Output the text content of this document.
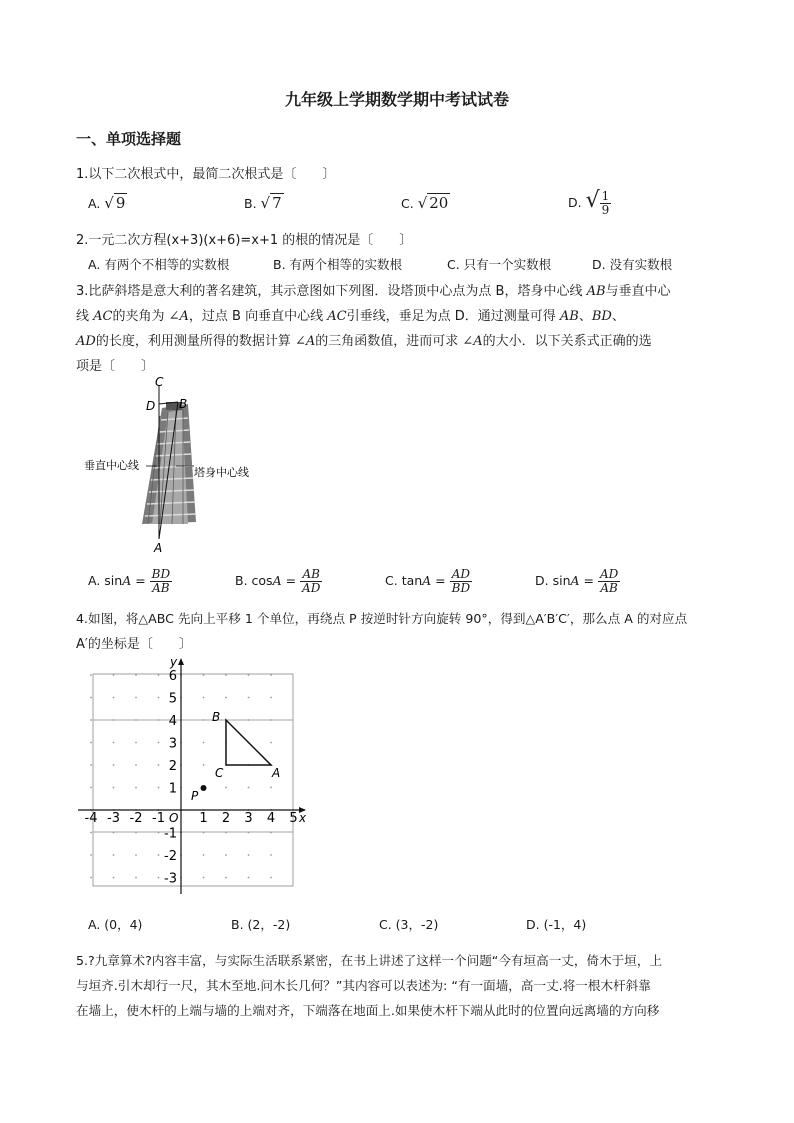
九年级上学期数学期中考试试卷
一、单项选择题
1.以下二次根式中，最简二次根式是〔　　〕
A. √ 9	B. √ 7	C. √ 20	D. √ $\frac{1}{9}$
2.一元二次方程(x+3)(x+6)=x+1 的根的情况是〔　　〕
A. 有两个不相等的实数根	B. 有两个相等的实数根	C. 只有一个实数根	D. 没有实数根
3.比萨斜塔是意大利的著名建筑，其示意图如下列图．设塔顶中心点为点 B，塔身中心线 AB与垂直中心
线 AC的夹角为 ∠A，过点 B 向垂直中心线 AC引垂线，垂足为点 D．通过测量可得 AB、BD、
AD的长度，利用测量所得的数据计算 ∠A的三角函数值，进而可求 ∠A的大小．以下关系式正确的选
项是〔　　〕
C
D B
A
垂直中心线
塔身中心线
A. $\sin A = \frac{BD}{AB}$	B. $\cos A = \frac{AB}{AD}$	C. $\tan A = \frac{AD}{BD}$	D. $\sin A = \frac{AD}{AB}$
4.如图，将△ABC 先向上平移 1 个单位，再绕点 P 按逆时针方向旋转 90°，得到△A′B′C′，那么点 A 的对应点
A′的坐标是〔　　〕
x
y
O
-4 -3 -2 -1	1 2 3 4 5
6
5
4
3
2
1
-1
-2
-3
B
C	A
P
A. (0，4)	B. (2，-2)	C. (3，-2)	D. (-1，4)
5.?九章算术?内容丰富，与实际生活联系紧密，在书上讲述了这样一个问题“今有垣高一丈，倚木于垣，上
与垣齐.引木却行一尺，其木至地.问木长几何？”其内容可以表述为: “有一面墙，高一丈.将一根木杆斜靠
在墙上，使木杆的上端与墙的上端对齐，下端落在地面上.如果使木杆下端从此时的位置向远离墙的方向移
